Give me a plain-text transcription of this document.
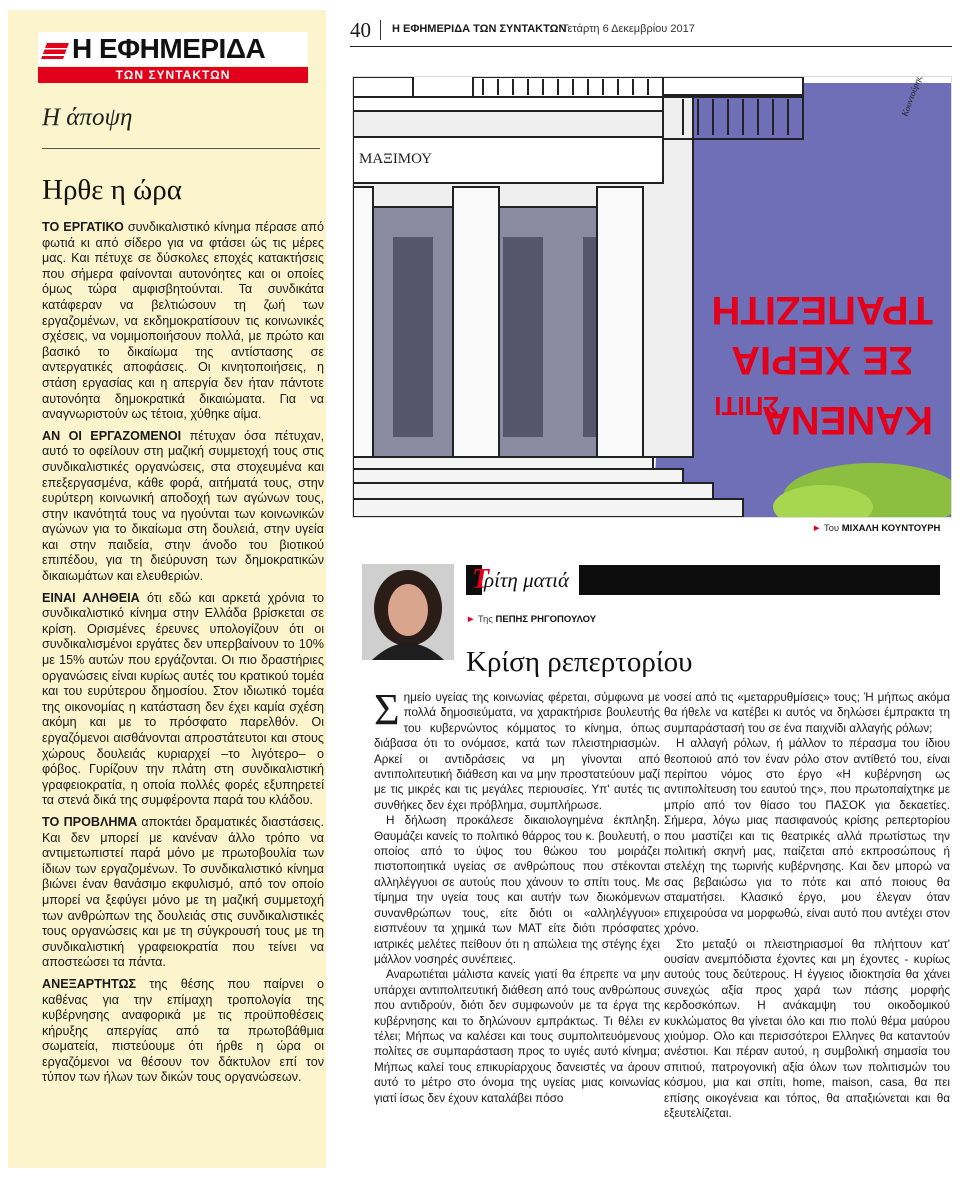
Η ΕΦΗΜΕΡΙΔΑ
ΤΩΝ ΣΥΝΤΑΚΤΩΝ
Η άποψη
Ηρθε η ώρα

ΤΟ ΕΡΓΑΤΙΚΟ συνδικαλιστικό κίνημα πέρασε από φωτιά κι από σίδερο για να φτάσει ώς τις μέρες μας. Και πέτυχε σε δύσκολες εποχές κατακτήσεις που σήμερα φαίνονται αυτονόητες και οι οποίες όμως τώρα αμφισβητούνται. Τα συνδικάτα κατάφεραν να βελτιώσουν τη ζωή των εργαζομένων, να εκδημοκρατίσουν τις κοινωνικές σχέσεις, να νομιμοποιήσουν πολλά, με πρώτο και βασικό το δικαίωμα της αντίστασης σε αντεργατικές αποφάσεις. Οι κινητοποιήσεις, η στάση εργασίας και η απεργία δεν ήταν πάντοτε αυτονόητα δημοκρατικά δικαιώματα. Για να αναγνωριστούν ως τέτοια, χύθηκε αίμα.

ΑΝ ΟΙ ΕΡΓΑΖΟΜΕΝΟΙ πέτυχαν όσα πέτυχαν, αυτό το οφείλουν στη μαζική συμμετοχή τους στις συνδικαλιστικές οργανώσεις, στα στοχευμένα και επεξεργασμένα, κάθε φορά, αιτήματά τους, στην ευρύτερη κοινωνική αποδοχή των αγώνων τους, στην ικανότητά τους να ηγούνται των κοινωνικών αγώνων για το δικαίωμα στη δουλειά, στην υγεία και στην παιδεία, στην άνοδο του βιοτικού επιπέδου, για τη διεύρυνση των δημοκρατικών δικαιωμάτων και ελευθεριών.

ΕΙΝΑΙ ΑΛΗΘΕΙΑ ότι εδώ και αρκετά χρόνια το συνδικαλιστικό κίνημα στην Ελλάδα βρίσκεται σε κρίση. Ορισμένες έρευνες υπολογίζουν ότι οι συνδικαλισμένοι εργάτες δεν υπερβαίνουν το 10% με 15% αυτών που εργάζονται. Οι πιο δραστήριες οργανώσεις είναι κυρίως αυτές του κρατικού τομέα και του ευρύτερου δημοσίου. Στον ιδιωτικό τομέα της οικονομίας η κατάσταση δεν έχει καμία σχέση ακόμη και με το πρόσφατο παρελθόν. Οι εργαζόμενοι αισθάνονται απροστάτευτοι και στους χώρους δουλειάς κυριαρχεί –το λιγότερο– ο φόβος. Γυρίζουν την πλάτη στη συνδικαλιστική γραφειοκρατία, η οποία πολλές φορές εξυπηρετεί τα στενά δικά της συμφέροντα παρά του κλάδου.

ΤΟ ΠΡΟΒΛΗΜΑ αποκτάει δραματικές διαστάσεις. Και δεν μπορεί με κανέναν άλλο τρόπο να αντιμετωπιστεί παρά μόνο με πρωτοβουλία των ίδιων των εργαζομένων. Το συνδικαλιστικό κίνημα βιώνει έναν θανάσιμο εκφυλισμό, από τον οποίο μπορεί να ξεφύγει μόνο με τη μαζική συμμετοχή των ανθρώπων της δουλειάς στις συνδικαλιστικές τους οργανώσεις και με τη σύγκρουσή τους με τη συνδικαλιστική γραφειοκρατία που τείνει να αποστεώσει τα πάντα.

ΑΝΕΞΑΡΤΗΤΩΣ της θέσης που παίρνει ο καθένας για την επίμαχη τροπολογία της κυβέρνησης αναφορικά με τις προϋποθέσεις κήρυξης απεργίας από τα πρωτοβάθμια σωματεία, πιστεύουμε ότι ήρθε η ώρα οι εργαζόμενοι να θέσουν τον δάκτυλον επί τον τύπον των ήλων των δικών τους οργανώσεων.

40 Η ΕΦΗΜΕΡΙΔΑ ΤΩΝ ΣΥΝΤΑΚΤΩΝ
Τετάρτη 6 Δεκεμβρίου 2017
ΜΑΞΙΜΟΥ
ΚΑΝΕΝΑ
ΣΠΙΤΙ
ΣΕ ΧΕΡΙΑ
ΤΡΑΠΕΖΙΤΗ
Κουντούρης
► Του ΜΙΧΑΛΗ ΚΟΥΝΤΟΥΡΗ
ρίτη ματιά
Τ
► Της ΠΕΠΗΣ ΡΗΓΟΠΟΥΛΟΥ
Κρίση ρεπερτορίου

Σημείο υγείας της κοινωνίας φέρεται, σύμφωνα με πολλά δημοσιεύματα, να χαρακτήρισε βουλευτής του κυβερνώντος κόμματος το κίνημα, όπως διάβασα ότι το ονόμασε, κατά των πλειστηριασμών. Αρκεί οι αντιδράσεις να μη γίνονται από αντιπολιτευτική διάθεση και να μην προστατεύουν μαζί με τις μικρές και τις μεγάλες περιουσίες. Υπ' αυτές τις συνθήκες δεν έχει πρόβλημα, συμπλήρωσε.

Η δήλωση προκάλεσε δικαιολογημένα έκπληξη. Θαυμάζει κανείς το πολιτικό θάρρος του κ. βουλευτή, ο οποίος από το ύψος του θώκου του μοιράζει πιστοποιητικά υγείας σε ανθρώπους που στέκονται αλληλέγγυοι σε αυτούς που χάνουν το σπίτι τους. Με τίμημα την υγεία τους και αυτήν των διωκόμενων συνανθρώπων τους, είτε διότι οι «αλληλέγγυοι» εισπνέουν τα χημικά των ΜΑΤ είτε διότι πρόσφατες ιατρικές μελέτες πείθουν ότι η απώλεια της στέγης έχει μάλλον νοσηρές συνέπειες.

Αναρωτιέται μάλιστα κανείς γιατί θα έπρεπε να μην υπάρχει αντιπολιτευτική διάθεση από τους ανθρώπους που αντιδρούν, διότι δεν συμφωνούν με τα έργα της κυβέρνησης και το δηλώνουν εμπράκτως. Τι θέλει εν τέλει; Μήπως να καλέσει και τους συμπολιτευόμενους πολίτες σε συμπαράσταση προς το υγιές αυτό κίνημα; Μήπως καλεί τους επικυρίαρχους δανειστές να άρουν αυτό το μέτρο στο όνομα της υγείας μιας κοινωνίας γιατί ίσως δεν έχουν καταλάβει πόσο

νοσεί από τις «μεταρρυθμίσεις» τους; Ή μήπως ακόμα θα ήθελε να κατέβει κι αυτός να δηλώσει έμπρακτα τη συμπαράστασή του σε ένα παιχνίδι αλλαγής ρόλων;

Η αλλαγή ρόλων, ή μάλλον το πέρασμα του ίδιου θεοποιού από τον έναν ρόλο στον αντίθετό του, είναι περίπου νόμος στο έργο «Η κυβέρνηση ως αντιπολίτευση του εαυτού της», που πρωτοπαίχτηκε με μπρίο από τον θίασο του ΠΑΣΟΚ για δεκαετίες. Σήμερα, λόγω μιας πασιφανούς κρίσης ρεπερτορίου που μαστίζει και τις θεατρικές αλλά πρωτίστως την πολιτική σκηνή μας, παίζεται από εκπροσώπους ή στελέχη της τωρινής κυβέρνησης. Και δεν μπορώ να σας βεβαιώσω για το πότε και από ποιους θα σταματήσει. Κλασικό έργο, μου έλεγαν όταν επιχειρούσα να μορφωθώ, είναι αυτό που αντέχει στον χρόνο.

Στο μεταξύ οι πλειστηριασμοί θα πλήττουν κατ' ουσίαν ανεμπόδιστα έχοντες και μη έχοντες - κυρίως αυτούς τους δεύτερους. Η έγγειος ιδιοκτησία θα χάνει συνεχώς αξία προς χαρά των πάσης μορφής κερδοσκόπων. Η ανάκαμψη του οικοδομικού κυκλώματος θα γίνεται όλο και πιο πολύ θέμα μαύρου χιούμορ. Ολο και περισσότεροι Ελληνες θα καταντούν ανέστιοι. Και πέραν αυτού, η συμβολική σημασία του σπιτιού, πατρογονική αξία όλων των πολιτισμών του κόσμου, μια και σπίτι, home, maison, casa, θα πει επίσης οικογένεια και τόπος, θα απαξιώνεται και θα εξευτελίζεται.
